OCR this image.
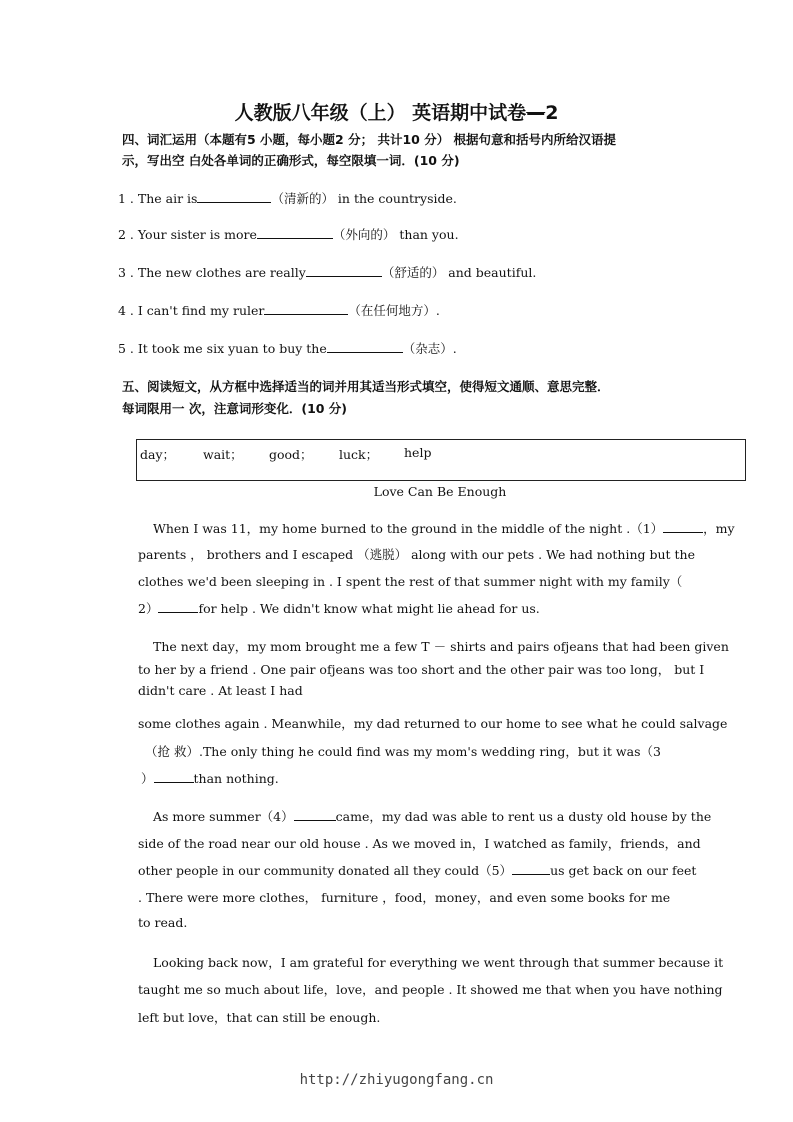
人教版八年级（上） 英语期中试卷—2
四、词汇运用（本题有5 小题，每小题2 分； 共计10 分） 根据句意和括号内所给汉语提
示，写出空 白处各单词的正确形式，每空限填一词．(10 分)
1 . The air is	（清新的） in the countryside.
2 . Your sister is more	（外向的） than you.
3 . The new clothes are really	（舒适的） and beautiful.
4 . I can't find my ruler	（在任何地方）.
5 . It took me six yuan to buy the	（杂志）.
五、阅读短文，从方框中选择适当的词并用其适当形式填空，使得短文通顺、意思完整．
每词限用一 次，注意词形变化．(10 分)
day； wait； good； luck； help
Love Can Be Enough
When I was 11，my home burned to the ground in the middle of the night .（1）	，my
parents ， brothers and I escaped （逃脱） along with our pets . We had nothing but the
clothes we'd been sleeping in . I spent the rest of that summer night with my family（
2）	for help . We didn't know what might lie ahead for us.
The next day，my mom brought me a few T － shirts and pairs ofjeans that had been given
to her by a friend . One pair ofjeans was too short and the other pair was too long， but I
didn't care . At least I had
some clothes again . Meanwhile，my dad returned to our home to see what he could salvage
（抢 救）.The only thing he could find was my mom's wedding ring，but it was（3
）	than nothing.
As more summer（4）	came，my dad was able to rent us a dusty old house by the
side of the road near our old house . As we moved in，I watched as family，friends，and
other people in our community donated all they could（5）	us get back on our feet
. There were more clothes， furniture ，food，money，and even some books for me
to read.
Looking back now，I am grateful for everything we went through that summer because it
taught me so much about life，love，and people . It showed me that when you have nothing
left but love，that can still be enough.
http://zhiyugongfang.cn
